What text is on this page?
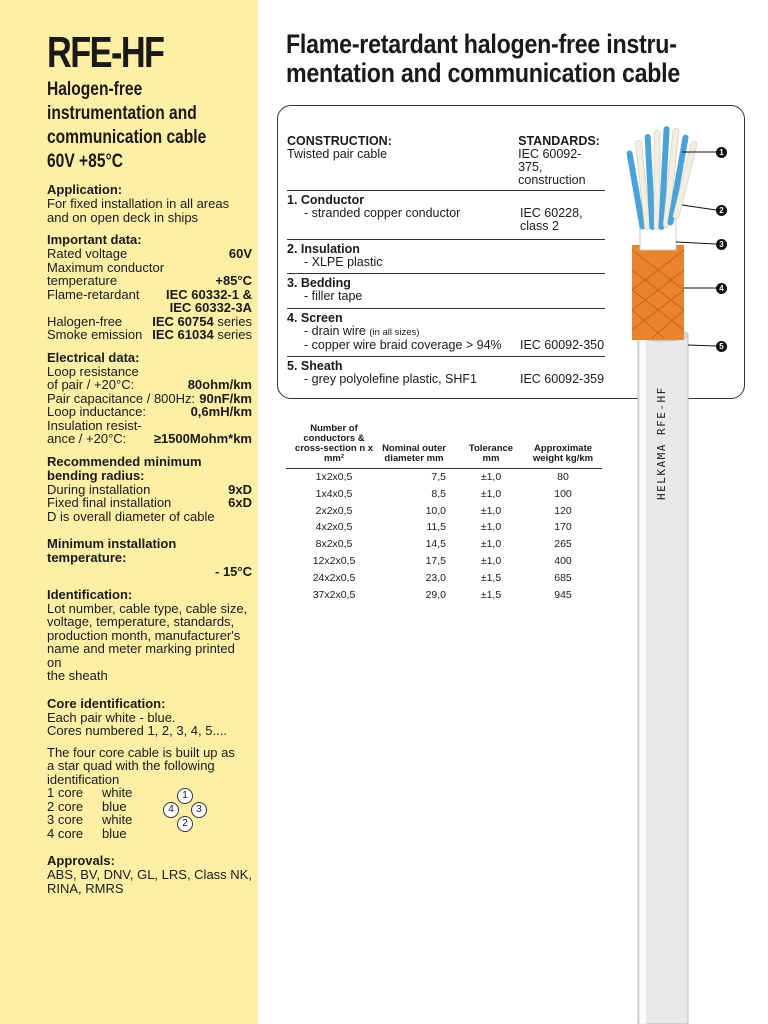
RFE-HF
Halogen-free
instrumentation and
communication cable
60V +85°C
Application:
For fixed installation in all areas
and on open deck in ships
Important data:
Rated voltage	60V
Maximum conductor
temperature	+85°C
Flame-retardant IEC 60332-1 &
IEC 60332-3A
Halogen-free IEC 60754 series
Smoke emission IEC 61034 series
Electrical data:
Loop resistance
of pair / +20°C:	80ohm/km
Pair capacitance / 800Hz: 90nF/km
Loop inductance:	0,6mH/km
Insulation resist-
ance / +20°C: ≥1500Mohm*km
Recommended minimum bending radius:
During installation	9xD
Fixed final installation	6xD
D is overall diameter of cable
Minimum installation temperature:
- 15°C
Identification:
Lot number, cable type, cable size,
voltage, temperature, standards,
production month, manufacturer's
name and meter marking printed on
the sheath
Core identification:
Each pair white - blue.
Cores numbered 1, 2, 3, 4, 5....
The four core cable is built up as
a star quad with the following
identification
1 core	white
2 core	blue
3 core	white
4 core	blue
1
2
3
4
Approvals:
ABS, BV, DNV, GL, LRS, Class NK,
RINA, RMRS
Flame-retardant halogen-free instru-
mentation and communication cable
CONSTRUCTION:
Twisted pair cable
STANDARDS:
IEC 60092-375,
construction
1. Conductor
- stranded copper conductor	IEC 60228,
class 2
2. Insulation
- XLPE plastic
3. Bedding
- filler tape
4. Screen
- drain wire (in all sizes)
- copper wire braid coverage > 94%	IEC 60092-350
5. Sheath
- grey polyolefine plastic, SHF1	IEC 60092-359
Number of conductors &
cross-section n x mm²	Nominal outer
diameter mm	Tolerance
mm	Approximate
weight kg/km
1x2x0,5	7,5	±1,0	80
1x4x0,5	8,5	±1,0	100
2x2x0,5	10,0	±1,0	120
4x2x0,5	11,5	±1,0	170
8x2x0,5	14,5	±1,0	265
12x2x0,5	17,5	±1,0	400
24x2x0,5	23,0	±1,5	685
37x2x0,5	29,0	±1,5	945
1
2
3
4
5
HELKAMA RFE-HF
